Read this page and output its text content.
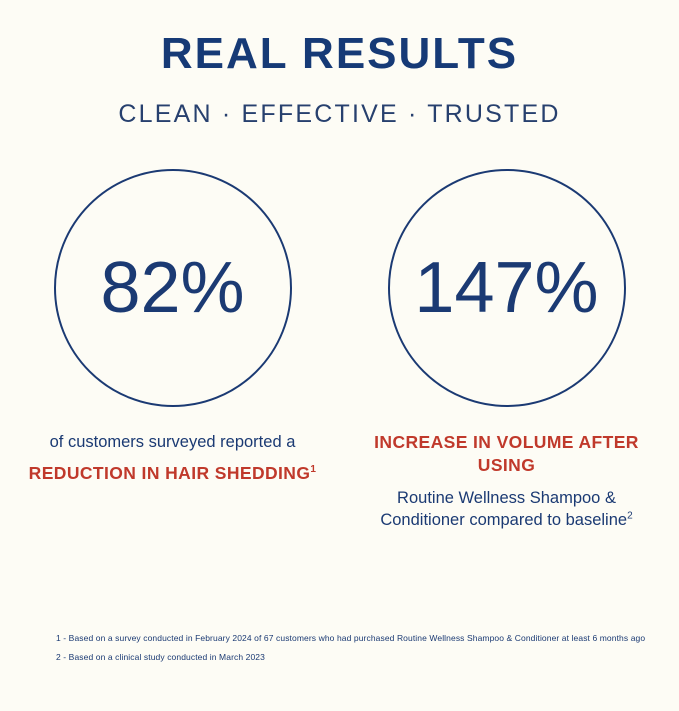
REAL RESULTS
CLEAN · EFFECTIVE · TRUSTED
82%
of customers surveyed reported a
REDUCTION IN HAIR SHEDDING$^1$
147%
INCREASE IN VOLUME AFTER USING
Routine Wellness Shampoo & Conditioner compared to baseline$^2$
1 - Based on a survey conducted in February 2024 of 67 customers who had purchased Routine Wellness Shampoo & Conditioner at least 6 months ago
2 - Based on a clinical study conducted in March 2023
